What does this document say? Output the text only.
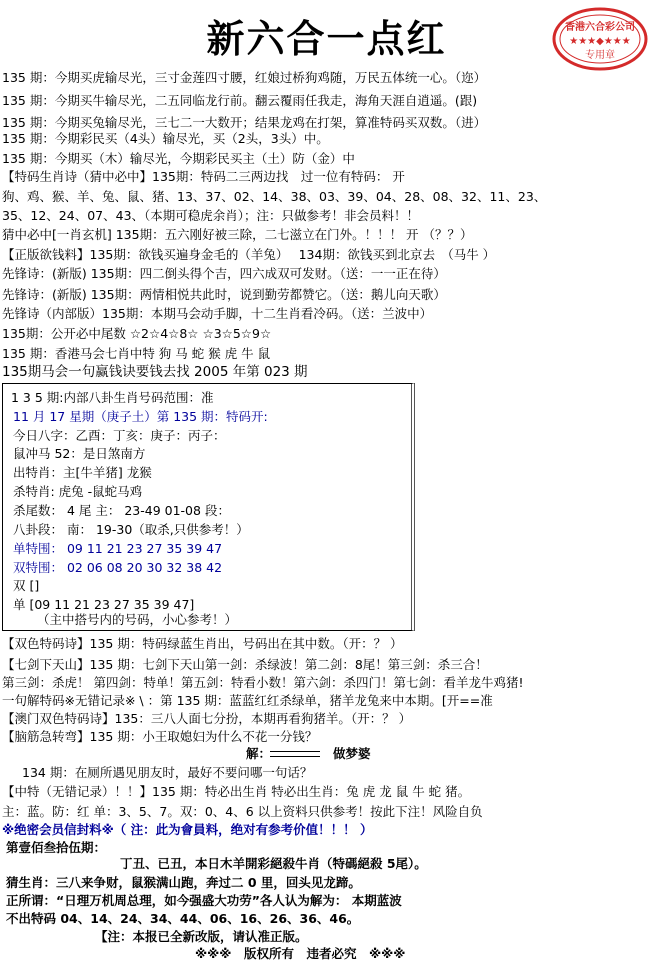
新六合一点红	香港六合彩公司
★★★◆★★★
专用章
135 期：今期买虎输尽光，三寸金莲四寸腰，红娘过桥狗鸡随，万民五体统一心。（迩）
135 期：今期买牛输尽光，二五同临龙行前。翻云覆雨任我走，海角天涯自逍遥。(跟)
135 期：今期买兔输尽光，三七二一大数开；结果龙鸡在打架，算准特码买双数。（进）
135 期：今期彩民买（4头）输尽光，买（2头，3头）中。
135 期：今期买（木）输尽光，今期彩民买主（土）防（金）中
【特码生肖诗（猜中必中】135期：特码二三两边找　过一位有特码： 开
狗、鸡、猴、羊、兔、鼠、猪、13、37、02、14、38、03、39、04、28、08、32、11、23、
35、12、24、07、43、（本期可稳虎余肖）；注：只做参考！非会员料！！
猜中必中[一肖玄机] 135期：五六刚好被三除，二七滋立在门外。！！！ 开 （？？）
【正版欲钱料】135期：欲钱买遍身金毛的（羊兔）　 134期：欲钱买到北京去　（马牛 ）
先锋诗：(新版) 135期：四二倒头得个吉，四六成双可发财。（送：一一正在待）
先锋诗：(新版) 135期：两情相悦共此时，说到勤劳都赞它。（送：鹅儿向天歌）
先锋诗（内部版）135期：本期马会动手脚，十二生肖看冷码。（送：兰波中）
135期：公开必中尾数 ☆2☆4☆8☆ ☆3☆5☆9☆
135 期：香港马会七肖中特 狗 马 蛇 猴 虎 牛 鼠
135期马会一句赢钱诀要钱去找 2005 年第 023 期
1 3 5 期:内部八卦生肖号码范围：准
11 月 17 星期（庚子土）第 135 期：特码开:
今日八字：乙酉：丁亥：庚子：丙子：
鼠冲马 52：是日煞南方
出特肖：主[牛羊猪] 龙猴
杀特肖: 虎兔 -鼠蛇马鸡
杀尾数： 4 尾 主： 23-49 01-08 段：
八卦段： 南： 19-30（取杀,只供参考！）
单特围： 09 11 21 23 27 35 39 47
双特围： 02 06 08 20 30 32 38 42
双 []
单 [09 11 21 23 27 35 39 47]
（主中搭号内的号码，小心参考！）
【双色特码诗】135 期：特码绿蓝生肖出，号码出在其中数。（开：？ ）
【七剑下天山】135 期：七剑下天山第一剑：杀绿波！第二剑：8尾！第三剑：杀三合！
第三剑：杀虎！ 第四剑：特单！第五剑：特看小数！第六剑：杀四门！第七剑：看羊龙牛鸡猪!
一句解特码※无错记录※ \ ：第 135 期：蓝蓝红红杀绿单，猪羊龙兔来中本期。[开==准
【澳门双色特码诗】135：三八人面七分扮，本期再看狗猪羊。（开：？ ）
【脑筋急转弯】135 期：小王取媳妇为什么不花一分钱？
解：	做梦婆
134 期：在厕所遇见朋友时，最好不要问哪一句话？
【中特（无错记录）！！】135 期：特必出生肖 特必出生肖：兔 虎 龙 鼠 牛 蛇 猪。
主：蓝。防：红 单：3、5、7。双：0、4、6 以上资料只供参考！按此下注！风险自负
※绝密会员信封料※（ 注：此为會員料，绝对有参考价值！！！ ）
第壹佰叁拾伍期：
丁丑、已丑，本日木羊開彩絕殺牛肖（特碼絕殺 5尾）。
猜生肖：三八来争财，鼠猴满山跑，奔过二 0 里，回头见龙蹄。
正所谓：“日理万机周总理，如今强盛大功劳”各人认为解为： 本期蓝波
不出特码 04、14、24、34、44、06、16、26、36、46。
【注：本报已全新改版，请认准正版。
※※※　版权所有　违者必究　※※※
